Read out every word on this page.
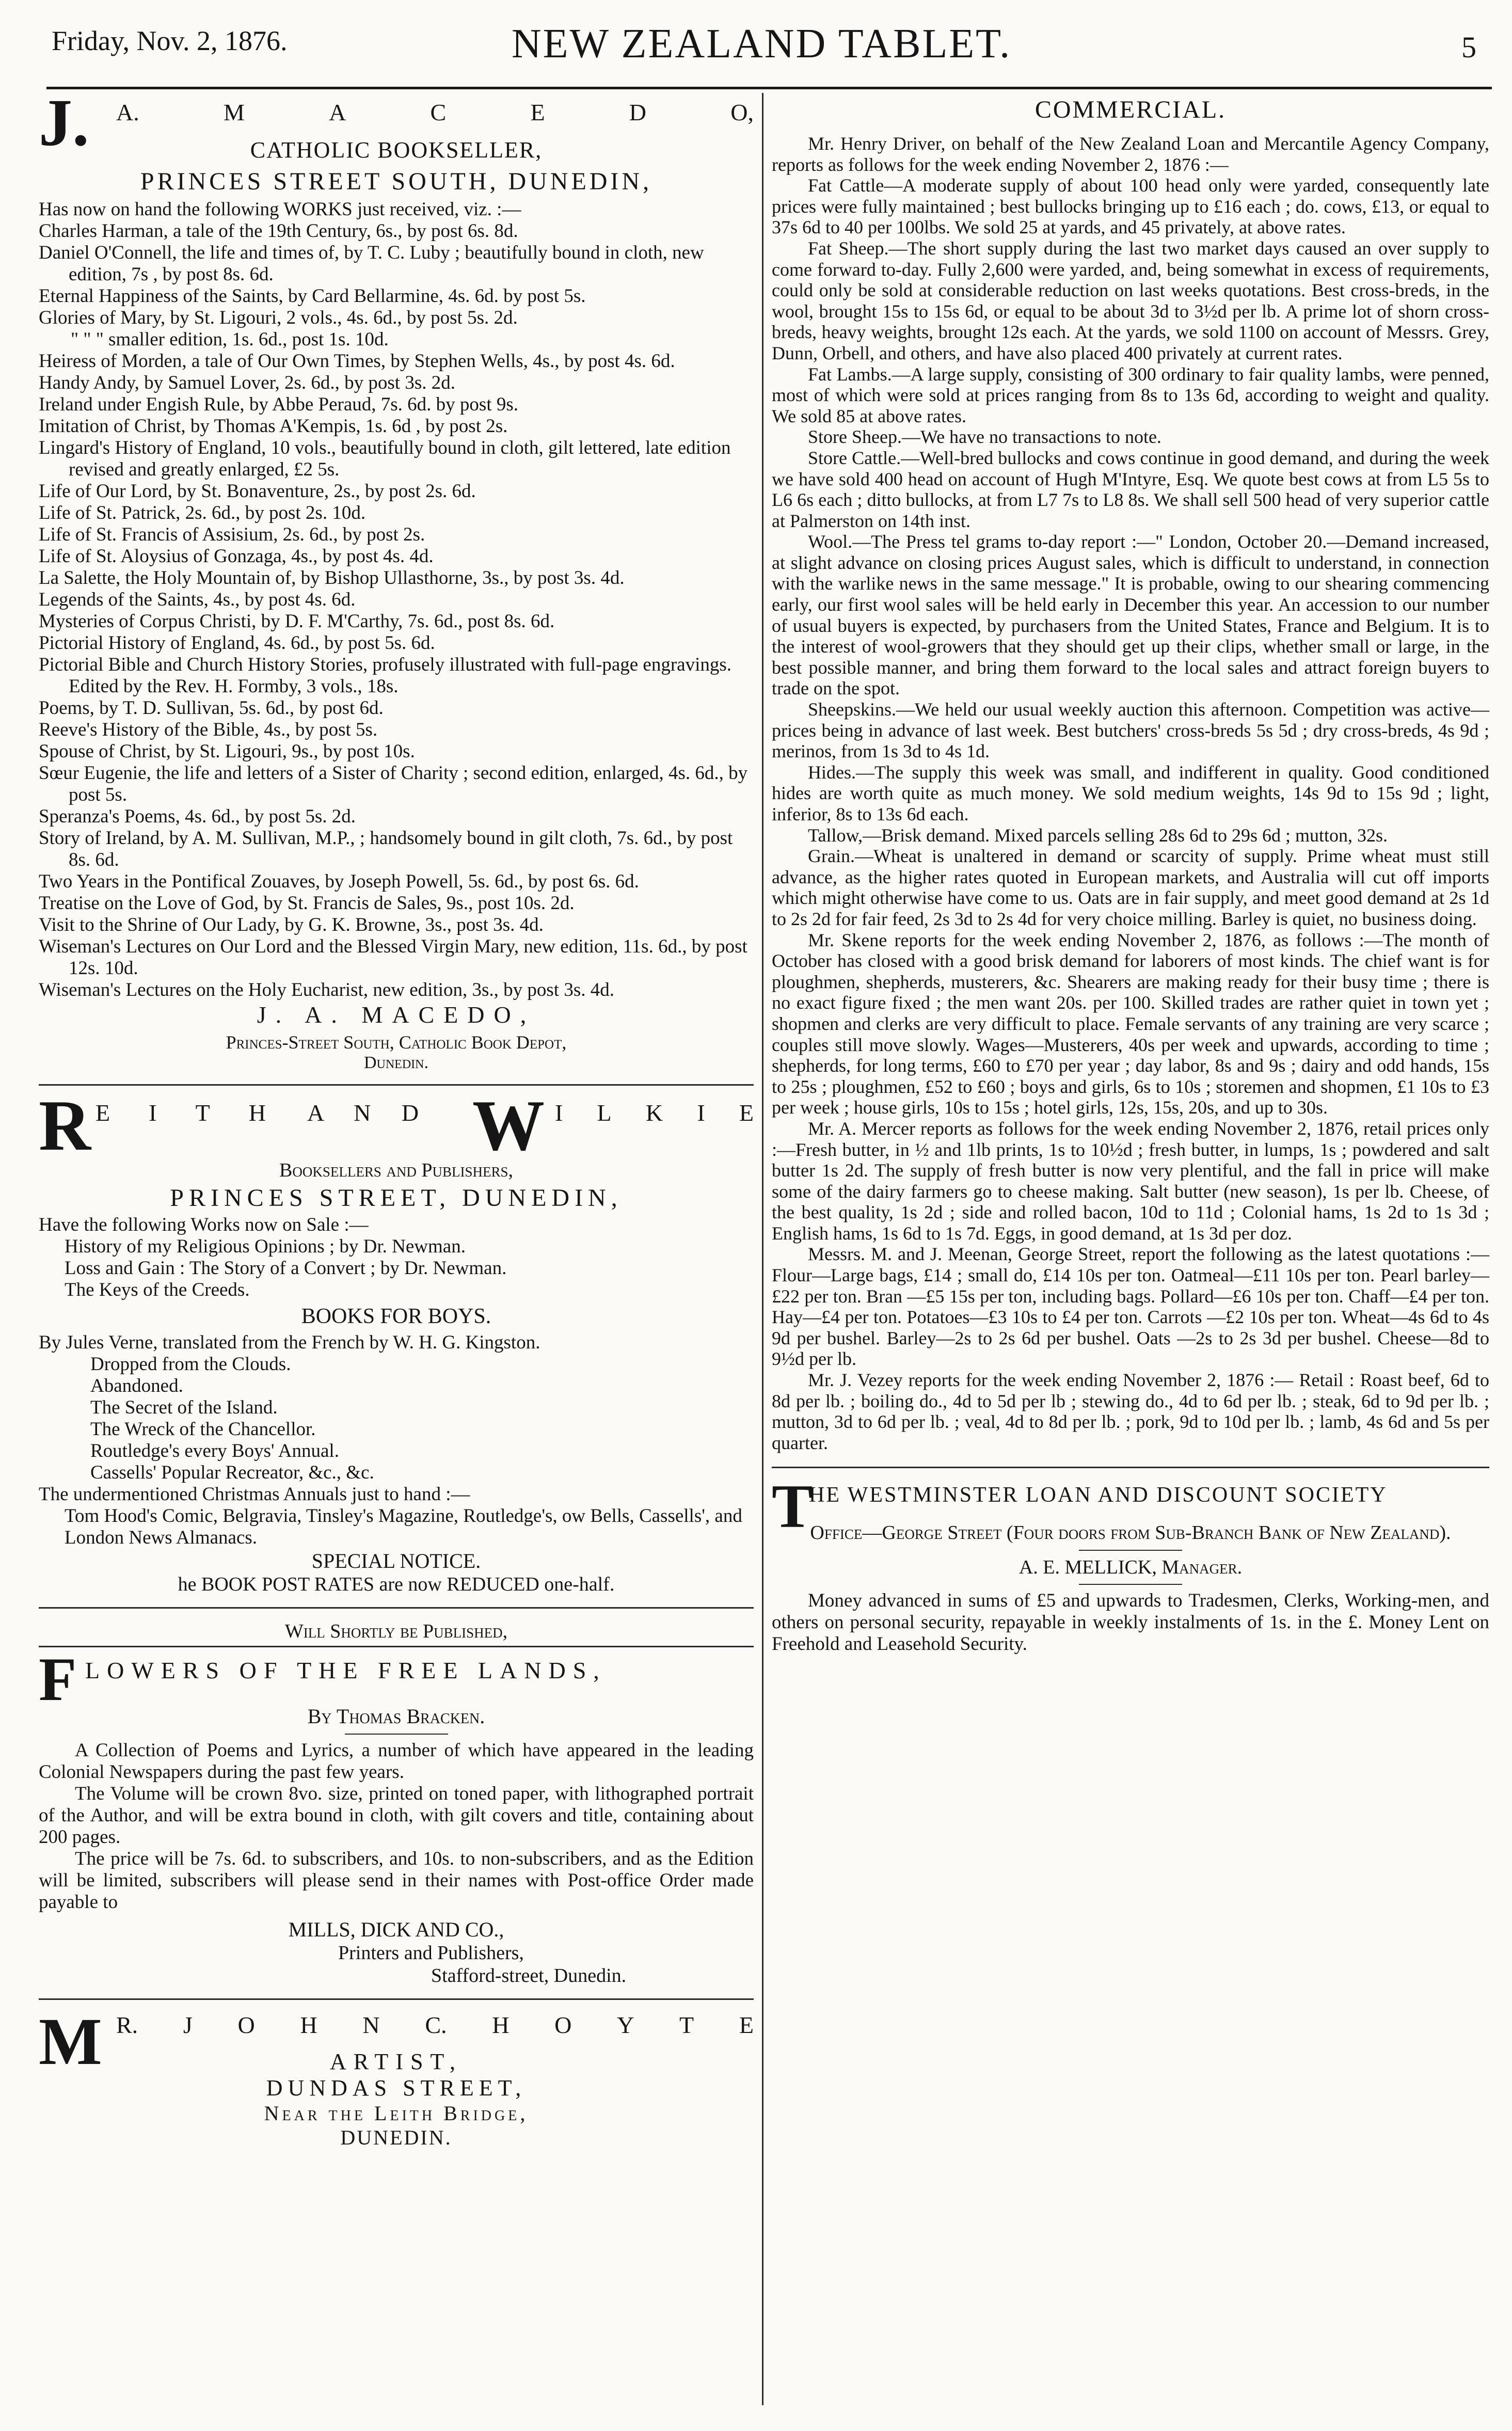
Friday, Nov. 2, 1876.	NEW ZEALAND TABLET.	5
J. A.	M	A	C	E	D	O,

CATHOLIC BOOKSELLER,

PRINCES STREET SOUTH, DUNEDIN,

Has now on hand the following WORKS just received, viz. :—

Charles Harman, a tale of the 19th Century, 6s., by post 6s. 8d.

Daniel O'Connell, the life and times of, by T. C. Luby ; beautifully bound in cloth, new edition, 7s , by post 8s. 6d.

Eternal Happiness of the Saints, by Card Bellarmine, 4s. 6d. by post 5s.

Glories of Mary, by St. Ligouri, 2 vols., 4s. 6d., by post 5s. 2d.

" " " smaller edition, 1s. 6d., post 1s. 10d.

Heiress of Morden, a tale of Our Own Times, by Stephen Wells, 4s., by post 4s. 6d.

Handy Andy, by Samuel Lover, 2s. 6d., by post 3s. 2d.

Ireland under Engish Rule, by Abbe Peraud, 7s. 6d. by post 9s.

Imitation of Christ, by Thomas A'Kempis, 1s. 6d , by post 2s.

Lingard's History of England, 10 vols., beautifully bound in cloth, gilt lettered, late edition revised and greatly enlarged, £2 5s.

Life of Our Lord, by St. Bonaventure, 2s., by post 2s. 6d.

Life of St. Patrick, 2s. 6d., by post 2s. 10d.

Life of St. Francis of Assisium, 2s. 6d., by post 2s.

Life of St. Aloysius of Gonzaga, 4s., by post 4s. 4d.

La Salette, the Holy Mountain of, by Bishop Ullasthorne, 3s., by post 3s. 4d.

Legends of the Saints, 4s., by post 4s. 6d.

Mysteries of Corpus Christi, by D. F. M'Carthy, 7s. 6d., post 8s. 6d.

Pictorial History of England, 4s. 6d., by post 5s. 6d.

Pictorial Bible and Church History Stories, profusely illustrated with full-page engravings. Edited by the Rev. H. Formby, 3 vols., 18s.

Poems, by T. D. Sullivan, 5s. 6d., by post 6d.

Reeve's History of the Bible, 4s., by post 5s.

Spouse of Christ, by St. Ligouri, 9s., by post 10s.

Sœur Eugenie, the life and letters of a Sister of Charity ; second edition, enlarged, 4s. 6d., by post 5s.

Speranza's Poems, 4s. 6d., by post 5s. 2d.

Story of Ireland, by A. M. Sullivan, M.P., ; handsomely bound in gilt cloth, 7s. 6d., by post 8s. 6d.

Two Years in the Pontifical Zouaves, by Joseph Powell, 5s. 6d., by post 6s. 6d.

Treatise on the Love of God, by St. Francis de Sales, 9s., post 10s. 2d.

Visit to the Shrine of Our Lady, by G. K. Browne, 3s., post 3s. 4d.

Wiseman's Lectures on Our Lord and the Blessed Virgin Mary, new edition, 11s. 6d., by post 12s. 10d.

Wiseman's Lectures on the Holy Eucharist, new edition, 3s., by post 3s. 4d.

J. A. MACEDO,

Princes-Street South, Catholic Book Depot,

Dunedin.

R E I T H A N D W I L K I E

Booksellers and Publishers,

PRINCES STREET, DUNEDIN,

Have the following Works now on Sale :—

History of my Religious Opinions ; by Dr. Newman.

Loss and Gain : The Story of a Convert ; by Dr. Newman.

The Keys of the Creeds.

BOOKS FOR BOYS.

By Jules Verne, translated from the French by W. H. G. Kingston.

Dropped from the Clouds.

Abandoned.

The Secret of the Island.

The Wreck of the Chancellor.

Routledge's every Boys' Annual.

Cassells' Popular Recreator, &c., &c.

The undermentioned Christmas Annuals just to hand :—

Tom Hood's Comic, Belgravia, Tinsley's Magazine, Routledge's, ow Bells, Cassells', and London News Almanacs.

SPECIAL NOTICE.

he BOOK POST RATES are now REDUCED one-half.

Will Shortly be Published,

F LOWERS OF THE FREE LANDS,

By Thomas Bracken.

A Collection of Poems and Lyrics, a number of which have appeared in the leading Colonial Newspapers during the past few years.

The Volume will be crown 8vo. size, printed on toned paper, with lithographed portrait of the Author, and will be extra bound in cloth, with gilt covers and title, containing about 200 pages.

The price will be 7s. 6d. to subscribers, and 10s. to non-subscribers, and as the Edition will be limited, subscribers will please send in their names with Post-office Order made payable to

MILLS, DICK AND CO.,

Printers and Publishers,

Stafford-street, Dunedin.

M R. J O H N C. H O Y T E

ARTIST,

DUNDAS STREET,

Near the Leith Bridge,

DUNEDIN.

COMMERCIAL.

Mr. Henry Driver, on behalf of the New Zealand Loan and Mercantile Agency Company, reports as follows for the week ending November 2, 1876 :—

Fat Cattle—A moderate supply of about 100 head only were yarded, consequently late prices were fully maintained ; best bullocks bringing up to £16 each ; do. cows, £13, or equal to 37s 6d to 40 per 100lbs. We sold 25 at yards, and 45 privately, at above rates.

Fat Sheep.—The short supply during the last two market days caused an over supply to come forward to-day. Fully 2,600 were yarded, and, being somewhat in excess of requirements, could only be sold at considerable reduction on last weeks quotations. Best cross-breds, in the wool, brought 15s to 15s 6d, or equal to be about 3d to 3½d per lb. A prime lot of shorn cross-breds, heavy weights, brought 12s each. At the yards, we sold 1100 on account of Messrs. Grey, Dunn, Orbell, and others, and have also placed 400 privately at current rates.

Fat Lambs.—A large supply, consisting of 300 ordinary to fair quality lambs, were penned, most of which were sold at prices ranging from 8s to 13s 6d, according to weight and quality. We sold 85 at above rates.

Store Sheep.—We have no transactions to note.

Store Cattle.—Well-bred bullocks and cows continue in good demand, and during the week we have sold 400 head on account of Hugh M'Intyre, Esq. We quote best cows at from L5 5s to L6 6s each ; ditto bullocks, at from L7 7s to L8 8s. We shall sell 500 head of very superior cattle at Palmerston on 14th inst.

Wool.—The Press tel grams to-day report :—" London, October 20.—Demand increased, at slight advance on closing prices August sales, which is difficult to understand, in connection with the warlike news in the same message." It is probable, owing to our shearing commencing early, our first wool sales will be held early in December this year. An accession to our number of usual buyers is expected, by purchasers from the United States, France and Belgium. It is to the interest of wool-growers that they should get up their clips, whether small or large, in the best possible manner, and bring them forward to the local sales and attract foreign buyers to trade on the spot.

Sheepskins.—We held our usual weekly auction this afternoon. Competition was active—prices being in advance of last week. Best butchers' cross-breds 5s 5d ; dry cross-breds, 4s 9d ; merinos, from 1s 3d to 4s 1d.

Hides.—The supply this week was small, and indifferent in quality. Good conditioned hides are worth quite as much money. We sold medium weights, 14s 9d to 15s 9d ; light, inferior, 8s to 13s 6d each.

Tallow,—Brisk demand. Mixed parcels selling 28s 6d to 29s 6d ; mutton, 32s.

Grain.—Wheat is unaltered in demand or scarcity of supply. Prime wheat must still advance, as the higher rates quoted in European markets, and Australia will cut off imports which might otherwise have come to us. Oats are in fair supply, and meet good demand at 2s 1d to 2s 2d for fair feed, 2s 3d to 2s 4d for very choice milling. Barley is quiet, no business doing.

Mr. Skene reports for the week ending November 2, 1876, as follows :—The month of October has closed with a good brisk demand for laborers of most kinds. The chief want is for ploughmen, shepherds, musterers, &c. Shearers are making ready for their busy time ; there is no exact figure fixed ; the men want 20s. per 100. Skilled trades are rather quiet in town yet ; shopmen and clerks are very difficult to place. Female servants of any training are very scarce ; couples still move slowly. Wages—Musterers, 40s per week and upwards, according to time ; shepherds, for long terms, £60 to £70 per year ; day labor, 8s and 9s ; dairy and odd hands, 15s to 25s ; ploughmen, £52 to £60 ; boys and girls, 6s to 10s ; storemen and shopmen, £1 10s to £3 per week ; house girls, 10s to 15s ; hotel girls, 12s, 15s, 20s, and up to 30s.

Mr. A. Mercer reports as follows for the week ending November 2, 1876, retail prices only :—Fresh butter, in ½ and 1lb prints, 1s to 10½d ; fresh butter, in lumps, 1s ; powdered and salt butter 1s 2d. The supply of fresh butter is now very plentiful, and the fall in price will make some of the dairy farmers go to cheese making. Salt butter (new season), 1s per lb. Cheese, of the best quality, 1s 2d ; side and rolled bacon, 10d to 11d ; Colonial hams, 1s 2d to 1s 3d ; English hams, 1s 6d to 1s 7d. Eggs, in good demand, at 1s 3d per doz.

Messrs. M. and J. Meenan, George Street, report the following as the latest quotations :—Flour—Large bags, £14 ; small do, £14 10s per ton. Oatmeal—£11 10s per ton. Pearl barley—£22 per ton. Bran —£5 15s per ton, including bags. Pollard—£6 10s per ton. Chaff—£4 per ton. Hay—£4 per ton. Potatoes—£3 10s to £4 per ton. Carrots —£2 10s per ton. Wheat—4s 6d to 4s 9d per bushel. Barley—2s to 2s 6d per bushel. Oats —2s to 2s 3d per bushel. Cheese—8d to 9½d per lb.

Mr. J. Vezey reports for the week ending November 2, 1876 :— Retail : Roast beef, 6d to 8d per lb. ; boiling do., 4d to 5d per lb ; stewing do., 4d to 6d per lb. ; steak, 6d to 9d per lb. ; mutton, 3d to 6d per lb. ; veal, 4d to 8d per lb. ; pork, 9d to 10d per lb. ; lamb, 4s 6d and 5s per quarter.

T
HE WESTMINSTER LOAN AND DISCOUNT SOCIETY

Office—George Street (Four doors from Sub-Branch Bank of New Zealand).

A. E. MELLICK, Manager.

Money advanced in sums of £5 and upwards to Tradesmen, Clerks, Working-men, and others on personal security, repayable in weekly instalments of 1s. in the £. Money Lent on Freehold and Leasehold Security.
